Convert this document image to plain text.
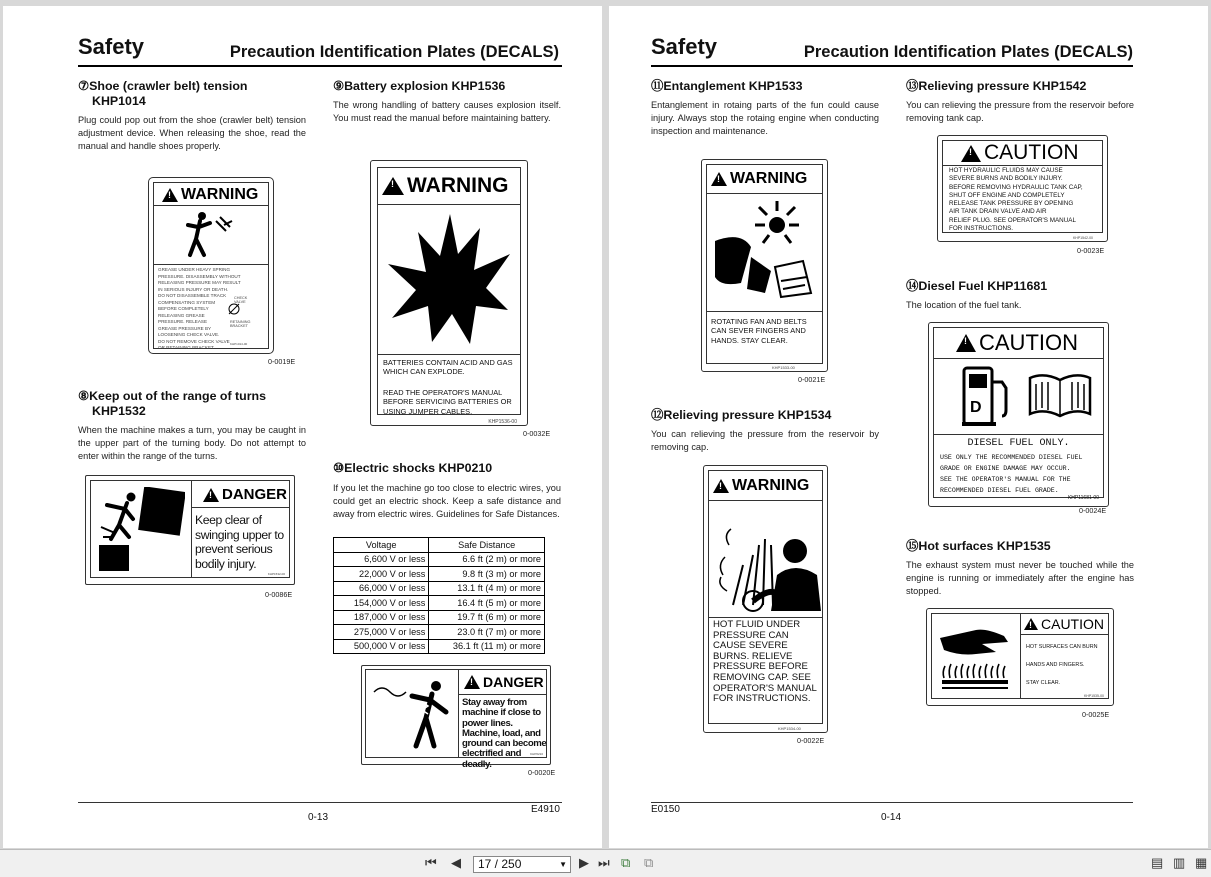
Safety	Precaution Identification Plates (DECALS)
⑦Shoe (crawler belt) tension
KHP1014
Plug could pop out from the shoe (crawler belt) tension adjustment device. When releasing the shoe, read the manual and handle shoes properly.
!
WARNING
GREASE UNDER HEAVY SPRING
PRESSURE. DISASSEMBLY WITHOUT
RELEASING PRESSURE MAY RESULT
IN SERIOUS INJURY OR DEATH.
DO NOT DISASSEMBLE TRACK
COMPENSATING SYSTEM
BEFORE COMPLETELY
RELEASING GREASE
PRESSURE. RELEASE
GREASE PRESSURE BY
LOOSENING CHECK VALVE.
DO NOT REMOVE CHECK VALVE
OR RETAINING BRACKET.
CHECK VALVE
RETAINING BRACKET
KHP1014-00
0-0019E
⑧Keep out of the range of turns
KHP1532
When the machine makes a turn, you may be caught in the upper part of the turning body. Do not attempt to enter within the range of the turns.
!
DANGER
Keep clear of swinging upper to prevent serious bodily injury.
KHP1532-00
0-0086E
⑨Battery explosion KHP1536
The wrong handling of battery causes explosion itself. You must read the manual before maintaining battery.
!
WARNING
BATTERIES CONTAIN ACID AND GAS WHICH CAN EXPLODE.
READ THE OPERATOR'S MANUAL BEFORE SERVICING BATTERIES OR USING JUMPER CABLES.
KHP1536-00
0-0032E
⑩Electric shocks KHP0210
If you let the machine go too close to electric wires, you could get an electric shock. Keep a safe distance and away from electric wires. Guidelines for Safe Distances.
Voltage	Safe Distance
6,600 V or less	6.6 ft (2 m) or more
22,000 V or less	9.8 ft (3 m) or more
66,000 V or less	13.1 ft (4 m) or more
154,000 V or less	16.4 ft (5 m) or more
187,000 V or less	19.7 ft (6 m) or more
275,000 V or less	23.0 ft (7 m) or more
500,000 V or less	36.1 ft (11 m) or more
!
DANGER
Stay away from machine if close to power lines. Machine, load, and ground can become electrified and deadly.
KHP0210
0-0020E
0-13
E4910
Safety	Precaution Identification Plates (DECALS)
⑪Entanglement KHP1533
Entanglement in rotaing parts of the fun could cause injury. Always stop the rotaing engine when conducting inspection and maintenance.
!
WARNING
ROTATING FAN AND BELTS CAN SEVER FINGERS AND HANDS. STAY CLEAR.
KHP1533-00
0-0021E
⑫Relieving pressure KHP1534
You can relieving the pressure from the reservoir by removing cap.
!
WARNING
HOT FLUID UNDER PRESSURE CAN CAUSE SEVERE BURNS. RELIEVE PRESSURE BEFORE REMOVING CAP. SEE OPERATOR'S MANUAL FOR INSTRUCTIONS.
KHP1534-00
0-0022E
⑬Relieving pressure KHP1542
You can relieving the pressure from the reservoir before removing tank cap.
!
CAUTION
HOT HYDRAULIC FLUIDS MAY CAUSE
SEVERE BURNS AND BODILY INJURY.
BEFORE REMOVING HYDRAULIC TANK CAP,
SHUT OFF ENGINE AND COMPLETELY
RELEASE TANK PRESSURE BY OPENING
AIR TANK DRAIN VALVE AND AIR
RELIEF PLUG. SEE OPERATOR'S MANUAL
FOR INSTRUCTIONS.
KHP1542-00
0-0023E
⑭Diesel Fuel KHP11681
The location of the fuel tank.
!
CAUTION
D
DIESEL FUEL ONLY.
USE ONLY THE RECOMMENDED DIESEL FUEL
GRADE OR ENGINE DAMAGE MAY OCCUR.
SEE THE OPERATOR'S MANUAL FOR THE
RECOMMENDED DIESEL FUEL GRADE.
KHP11681-00
0-0024E
⑮Hot surfaces KHP1535
The exhaust system must never be touched while the engine is running or immediately after the engine has stopped.
!
CAUTION
HOT SURFACES CAN BURN
HANDS AND FINGERS.
STAY CLEAR.
KHP1535-00
0-0025E
E0150
0-14
⏮ ◀	17 / 250	▼ ▶ ⏭ ⧉ ⧉	▤ ▥ ▦
